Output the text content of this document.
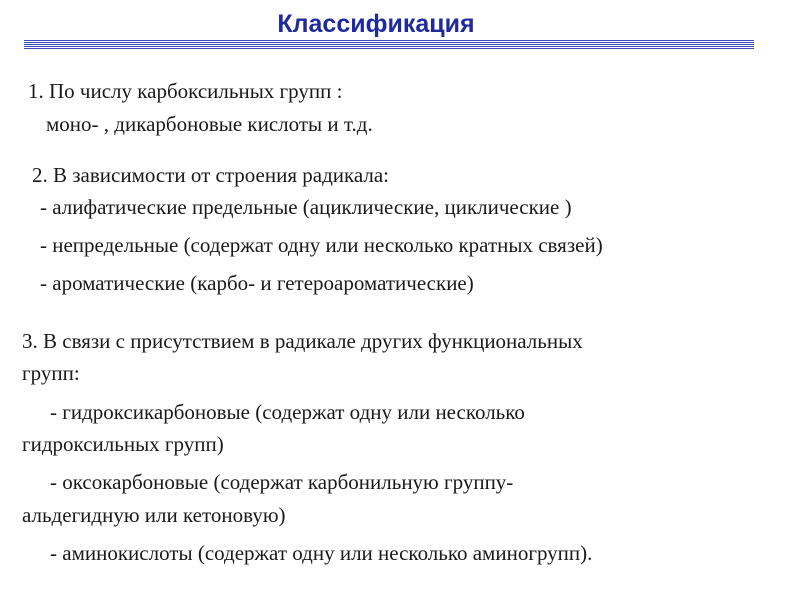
Классификация
1. По числу карбоксильных групп :
моно- , дикарбоновые кислоты и т.д.
2. В зависимости от строения радикала:
- алифатические предельные (ациклические, циклические )
- непредельные (содержат одну или несколько кратных связей)
- ароматические (карбо- и гетероароматические)
3. В связи с присутствием в радикале других функциональных
групп:
- гидроксикарбоновые (содержат одну или несколько
гидроксильных групп)
- оксокарбоновые (содержат карбонильную группу-
альдегидную или кетоновую)
- аминокислоты (содержат одну или несколько аминогрупп).
